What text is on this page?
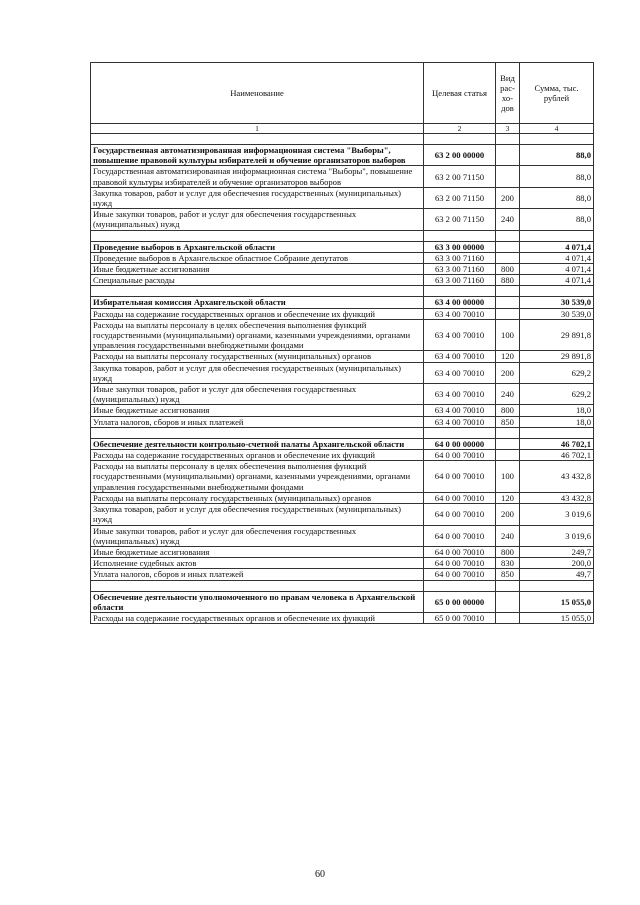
Наименование	Целевая статья	Вид рас-хо-дов	Сумма, тыс. рублей
1	2	3	4

Государственная автоматизированная информационная система "Выборы", повышение правовой культуры избирателей и обучение организаторов выборов	63 2 00 00000		88,0
Государственная автоматизированная информационная система "Выборы", повышение правовой культуры избирателей и обучение организаторов выборов	63 2 00 71150		88,0
Закупка товаров, работ и услуг для обеспечения государственных (муниципальных) нужд	63 2 00 71150	200	88,0
Иные закупки товаров, работ и услуг для обеспечения государственных (муниципальных) нужд	63 2 00 71150	240	88,0

Проведение выборов в Архангельской области	63 3 00 00000		4 071,4
Проведение выборов в Архангельское областное Собрание депутатов	63 3 00 71160		4 071,4
Иные бюджетные ассигнования	63 3 00 71160	800	4 071,4
Специальные расходы	63 3 00 71160	880	4 071,4

Избирательная комиссия Архангельской области	63 4 00 00000		30 539,0
Расходы на содержание государственных органов и обеспечение их функций	63 4 00 70010		30 539,0
Расходы на выплаты персоналу в целях обеспечения выполнения функций государственными (муниципальными) органами, казенными учреждениями, органами управления государственными внебюджетными фондами	63 4 00 70010	100	29 891,8
Расходы на выплаты персоналу государственных (муниципальных) органов	63 4 00 70010	120	29 891,8
Закупка товаров, работ и услуг для обеспечения государственных (муниципальных) нужд	63 4 00 70010	200	629,2
Иные закупки товаров, работ и услуг для обеспечения государственных (муниципальных) нужд	63 4 00 70010	240	629,2
Иные бюджетные ассигнования	63 4 00 70010	800	18,0
Уплата налогов, сборов и иных платежей	63 4 00 70010	850	18,0

Обеспечение деятельности контрольно-счетной палаты Архангельской области	64 0 00 00000		46 702,1
Расходы на содержание государственных органов и обеспечение их функций	64 0 00 70010		46 702,1
Расходы на выплаты персоналу в целях обеспечения выполнения функций государственными (муниципальными) органами, казенными учреждениями, органами управления государственными внебюджетными фондами	64 0 00 70010	100	43 432,8
Расходы на выплаты персоналу государственных (муниципальных) органов	64 0 00 70010	120	43 432,8
Закупка товаров, работ и услуг для обеспечения государственных (муниципальных) нужд	64 0 00 70010	200	3 019,6
Иные закупки товаров, работ и услуг для обеспечения государственных (муниципальных) нужд	64 0 00 70010	240	3 019,6
Иные бюджетные ассигнования	64 0 00 70010	800	249,7
Исполнение судебных актов	64 0 00 70010	830	200,0
Уплата налогов, сборов и иных платежей	64 0 00 70010	850	49,7

Обеспечение деятельности уполномоченного по правам человека в Архангельской области	65 0 00 00000		15 055,0
Расходы на содержание государственных органов и обеспечение их функций	65 0 00 70010		15 055,0
60
